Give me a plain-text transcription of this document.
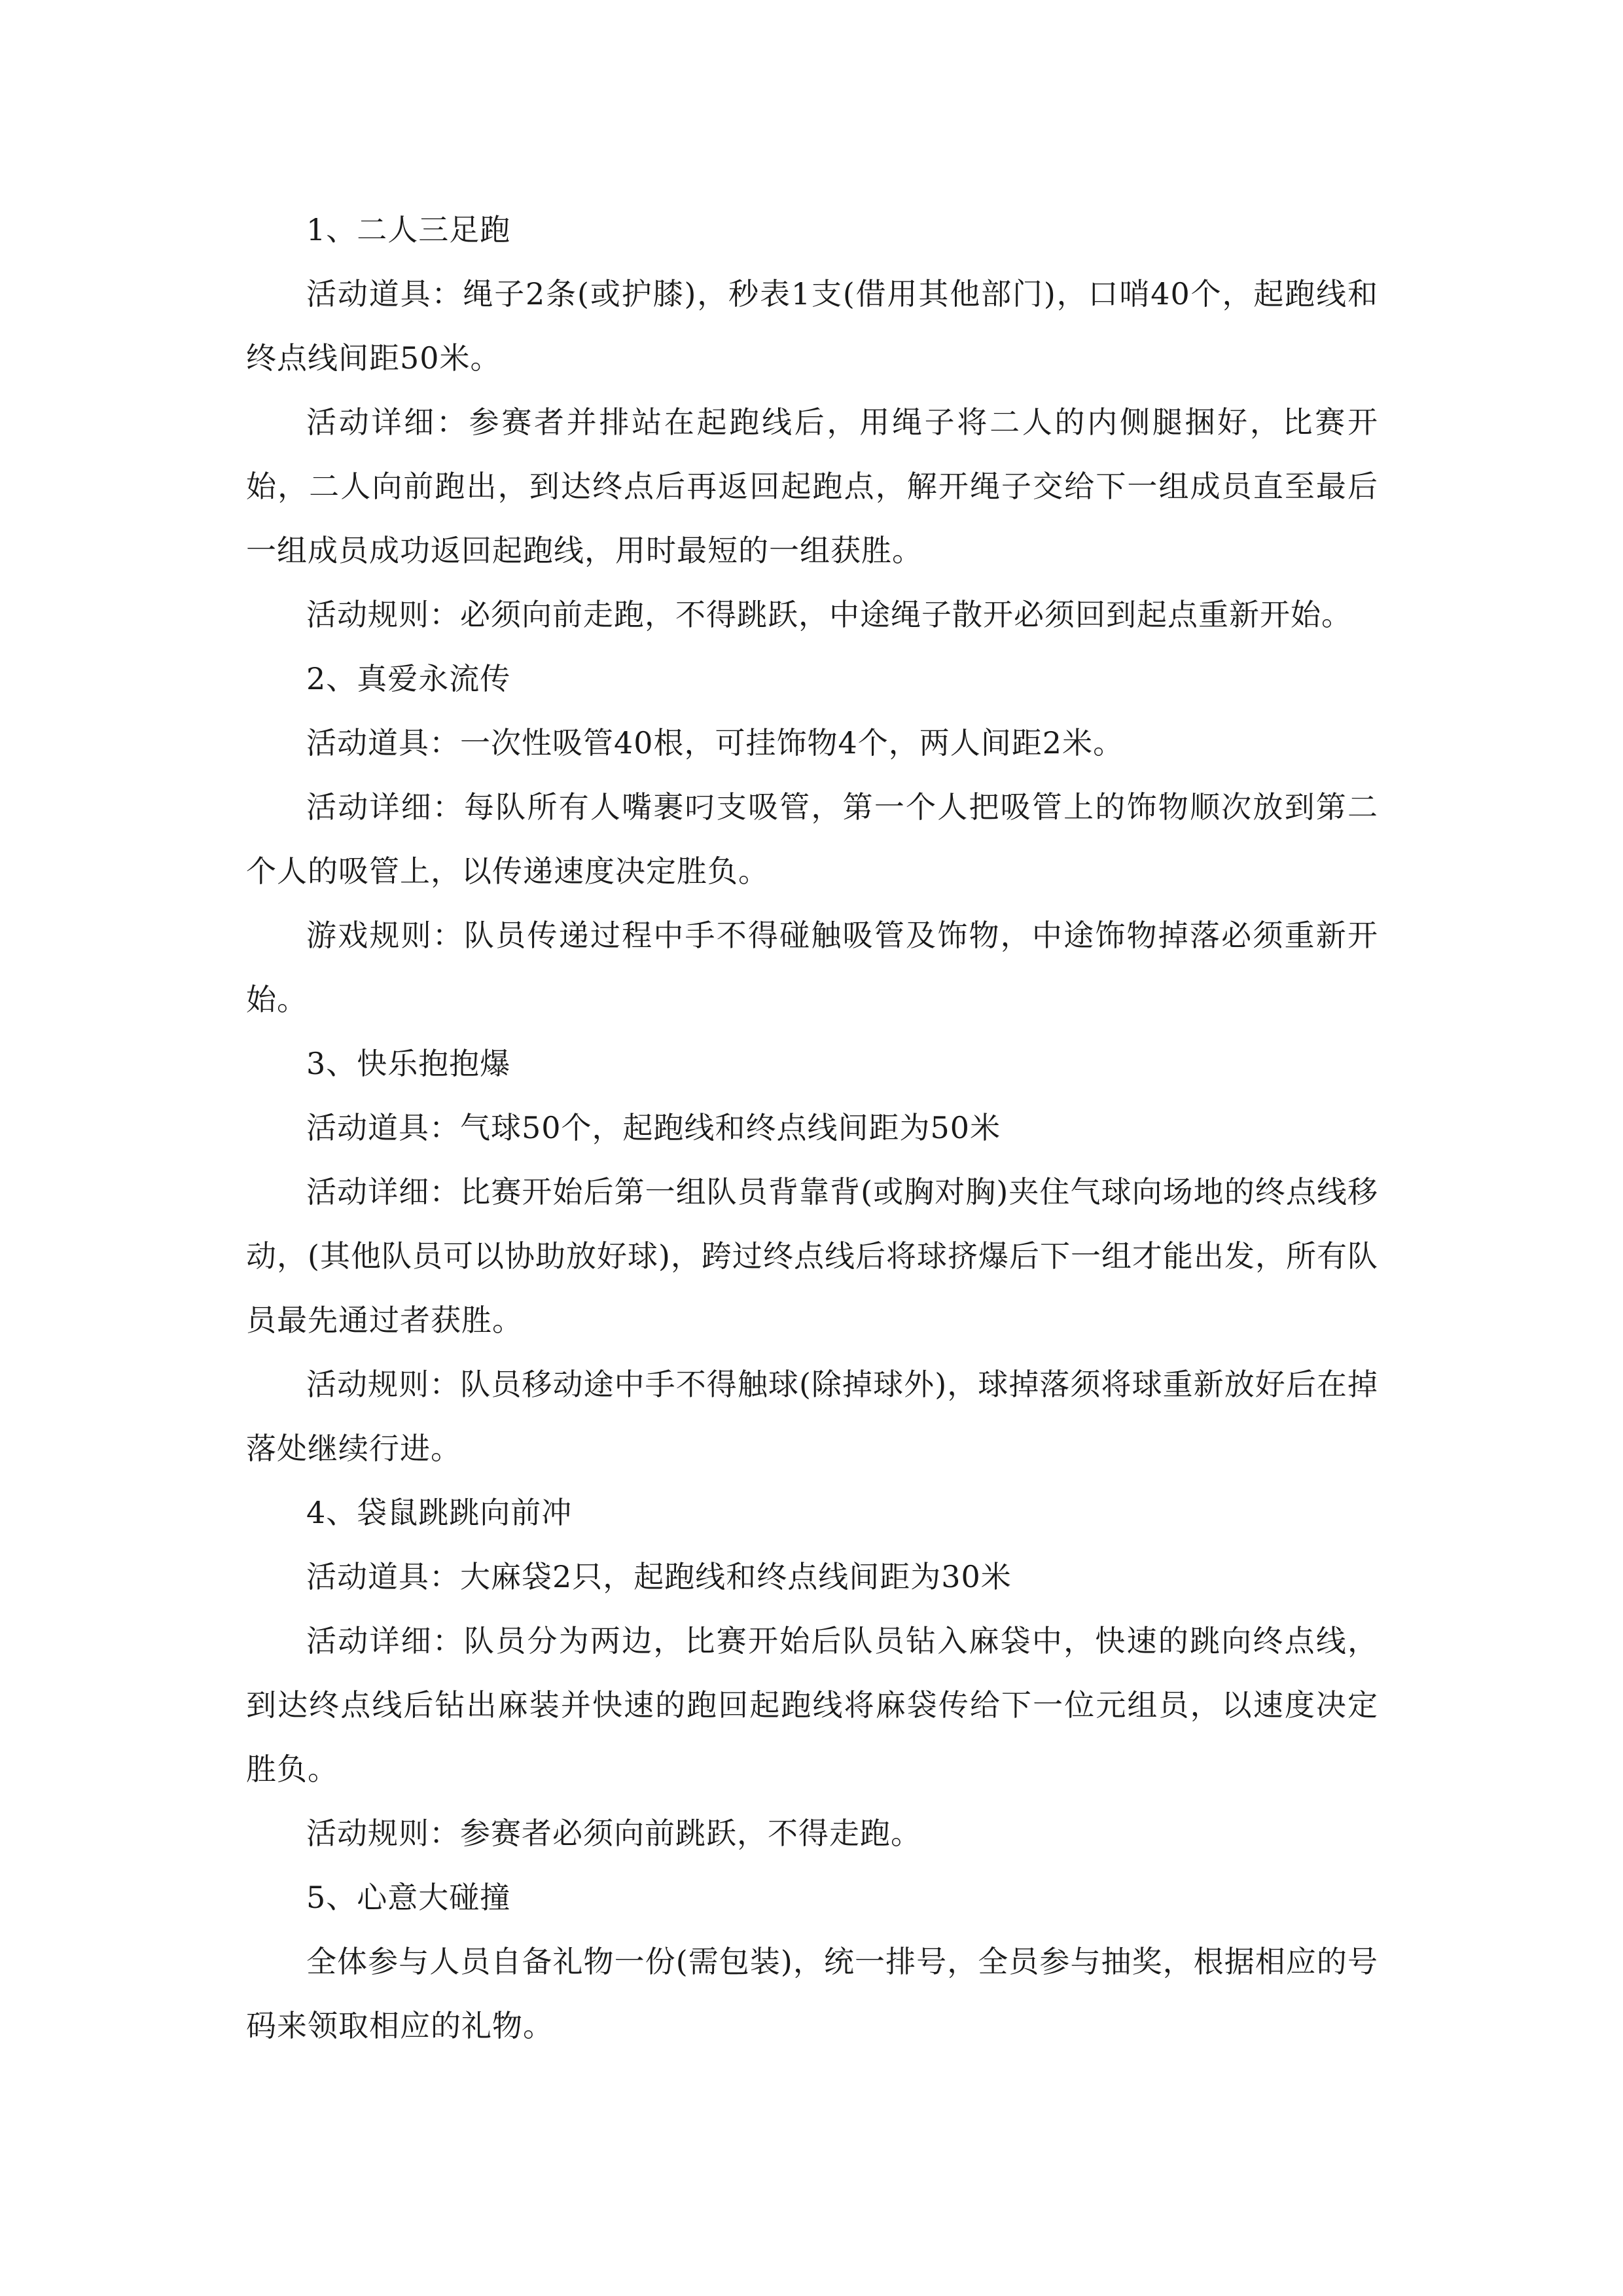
1、二人三足跑

活动道具：绳子2条(或护膝)，秒表1支(借用其他部门)，口哨40个，起跑线和终点线间距50米。

活动详细：参赛者并排站在起跑线后，用绳子将二人的内侧腿捆好，比赛开始，二人向前跑出，到达终点后再返回起跑点，解开绳子交给下一组成员直至最后一组成员成功返回起跑线，用时最短的一组获胜。

活动规则：必须向前走跑，不得跳跃，中途绳子散开必须回到起点重新开始。

2、真爱永流传

活动道具：一次性吸管40根，可挂饰物4个，两人间距2米。

活动详细：每队所有人嘴裹叼支吸管，第一个人把吸管上的饰物顺次放到第二个人的吸管上，以传递速度决定胜负。

游戏规则：队员传递过程中手不得碰触吸管及饰物，中途饰物掉落必须重新开始。

3、快乐抱抱爆

活动道具：气球50个，起跑线和终点线间距为50米

活动详细：比赛开始后第一组队员背靠背(或胸对胸)夹住气球向场地的终点线移动，(其他队员可以协助放好球)，跨过终点线后将球挤爆后下一组才能出发，所有队员最先通过者获胜。

活动规则：队员移动途中手不得触球(除掉球外)，球掉落须将球重新放好后在掉落处继续行进。

4、袋鼠跳跳向前冲

活动道具：大麻袋2只，起跑线和终点线间距为30米

活动详细：队员分为两边，比赛开始后队员钻入麻袋中，快速的跳向终点线，到达终点线后钻出麻装并快速的跑回起跑线将麻袋传给下一位元组员，以速度决定胜负。

活动规则：参赛者必须向前跳跃，不得走跑。

5、心意大碰撞

全体参与人员自备礼物一份(需包装)，统一排号，全员参与抽奖，根据相应的号码来领取相应的礼物。
